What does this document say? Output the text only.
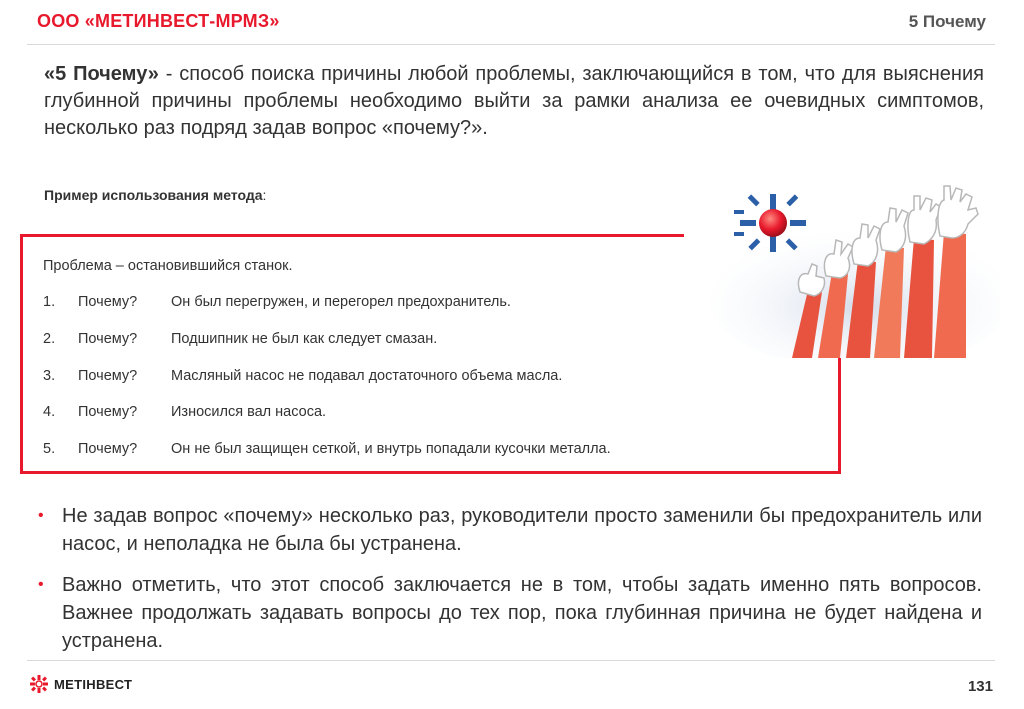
ООО «МЕТИНВЕСТ-МРМЗ»	5 Почему
«5 Почему» - способ поиска причины любой проблемы, заключающийся в том, что для выяснения глубинной причины проблемы необходимо выйти за рамки анализа ее очевидных симптомов, несколько раз подряд задав вопрос «почему?».
Пример использования метода:
Проблема – остановившийся станок.
1. Почему? Он был перегружен, и перегорел предохранитель.
2. Почему? Подшипник не был как следует смазан.
3. Почему? Масляный насос не подавал достаточного объема масла.
4. Почему? Износился вал насоса.
5. Почему? Он не был защищен сеткой, и внутрь попадали кусочки металла.
• Не задав вопрос «почему» несколько раз, руководители просто заменили бы предохранитель или насос, и неполадка не была бы устранена.
• Важно отметить, что этот способ заключается не в том, чтобы задать именно пять вопросов. Важнее продолжать задавать вопросы до тех пор, пока глубинная причина не будет найдена и устранена.
МЕТІНВЕСТ	131
